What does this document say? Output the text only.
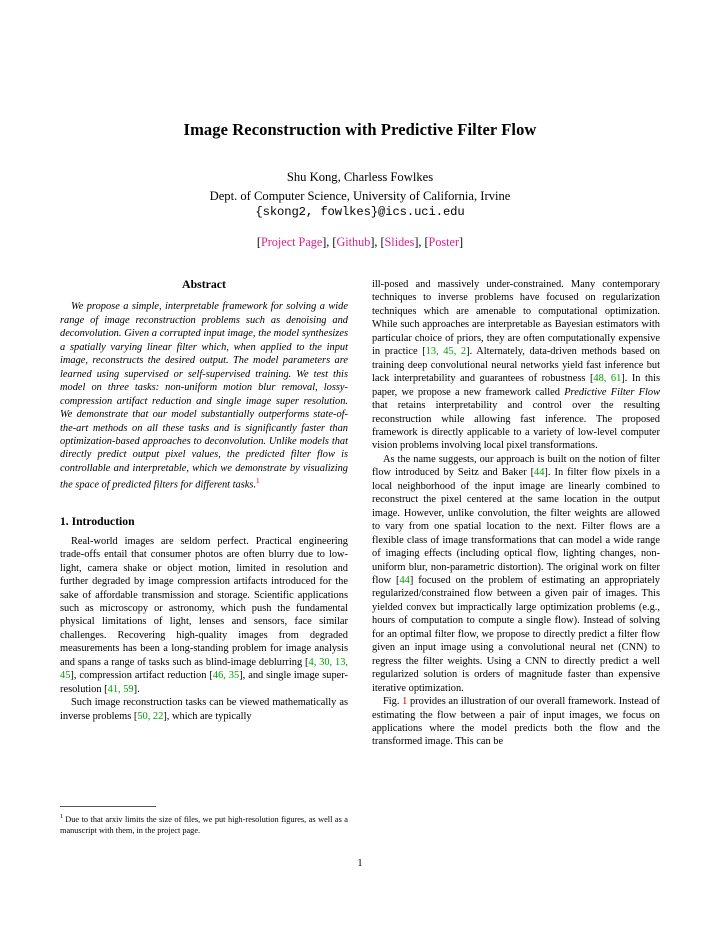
Image Reconstruction with Predictive Filter Flow
Shu Kong, Charless Fowlkes
Dept. of Computer Science, University of California, Irvine
{skong2, fowlkes}@ics.uci.edu
[Project Page], [Github], [Slides], [Poster]
Abstract

We propose a simple, interpretable framework for solving a wide range of image reconstruction problems such as denoising and deconvolution. Given a corrupted input image, the model synthesizes a spatially varying linear filter which, when applied to the input image, reconstructs the desired output. The model parameters are learned using supervised or self-supervised training. We test this model on three tasks: non-uniform motion blur removal, lossy-compression artifact reduction and single image super resolution. We demonstrate that our model substantially outperforms state-of-the-art methods on all these tasks and is significantly faster than optimization-based approaches to deconvolution. Unlike models that directly predict output pixel values, the predicted filter flow is controllable and interpretable, which we demonstrate by visualizing the space of predicted filters for different tasks.$^1$

1. Introduction

Real-world images are seldom perfect. Practical engineering trade-offs entail that consumer photos are often blurry due to low-light, camera shake or object motion, limited in resolution and further degraded by image compression artifacts introduced for the sake of affordable transmission and storage. Scientific applications such as microscopy or astronomy, which push the fundamental physical limitations of light, lenses and sensors, face similar challenges. Recovering high-quality images from degraded measurements has been a long-standing problem for image analysis and spans a range of tasks such as blind-image deblurring [4, 30, 13, 45], compression artifact reduction [46, 35], and single image super-resolution [41, 59].

Such image reconstruction tasks can be viewed mathematically as inverse problems [50, 22], which are typically

ill-posed and massively under-constrained. Many contemporary techniques to inverse problems have focused on regularization techniques which are amenable to computational optimization. While such approaches are interpretable as Bayesian estimators with particular choice of priors, they are often computationally expensive in practice [13, 45, 2]. Alternately, data-driven methods based on training deep convolutional neural networks yield fast inference but lack interpretability and guarantees of robustness [48, 61]. In this paper, we propose a new framework called Predictive Filter Flow that retains interpretability and control over the resulting reconstruction while allowing fast inference. The proposed framework is directly applicable to a variety of low-level computer vision problems involving local pixel transformations.

As the name suggests, our approach is built on the notion of filter flow introduced by Seitz and Baker [44]. In filter flow pixels in a local neighborhood of the input image are linearly combined to reconstruct the pixel centered at the same location in the output image. However, unlike convolution, the filter weights are allowed to vary from one spatial location to the next. Filter flows are a flexible class of image transformations that can model a wide range of imaging effects (including optical flow, lighting changes, non-uniform blur, non-parametric distortion). The original work on filter flow [44] focused on the problem of estimating an appropriately regularized/constrained flow between a given pair of images. This yielded convex but impractically large optimization problems (e.g., hours of computation to compute a single flow). Instead of solving for an optimal filter flow, we propose to directly predict a filter flow given an input image using a convolutional neural net (CNN) to regress the filter weights. Using a CNN to directly predict a well regularized solution is orders of magnitude faster than expensive iterative optimization.

Fig. 1 provides an illustration of our overall framework. Instead of estimating the flow between a pair of input images, we focus on applications where the model predicts both the flow and the transformed image. This can be

$^1$ Due to that arxiv limits the size of files, we put high-resolution figures, as well as a manuscript with them, in the project page.
1
